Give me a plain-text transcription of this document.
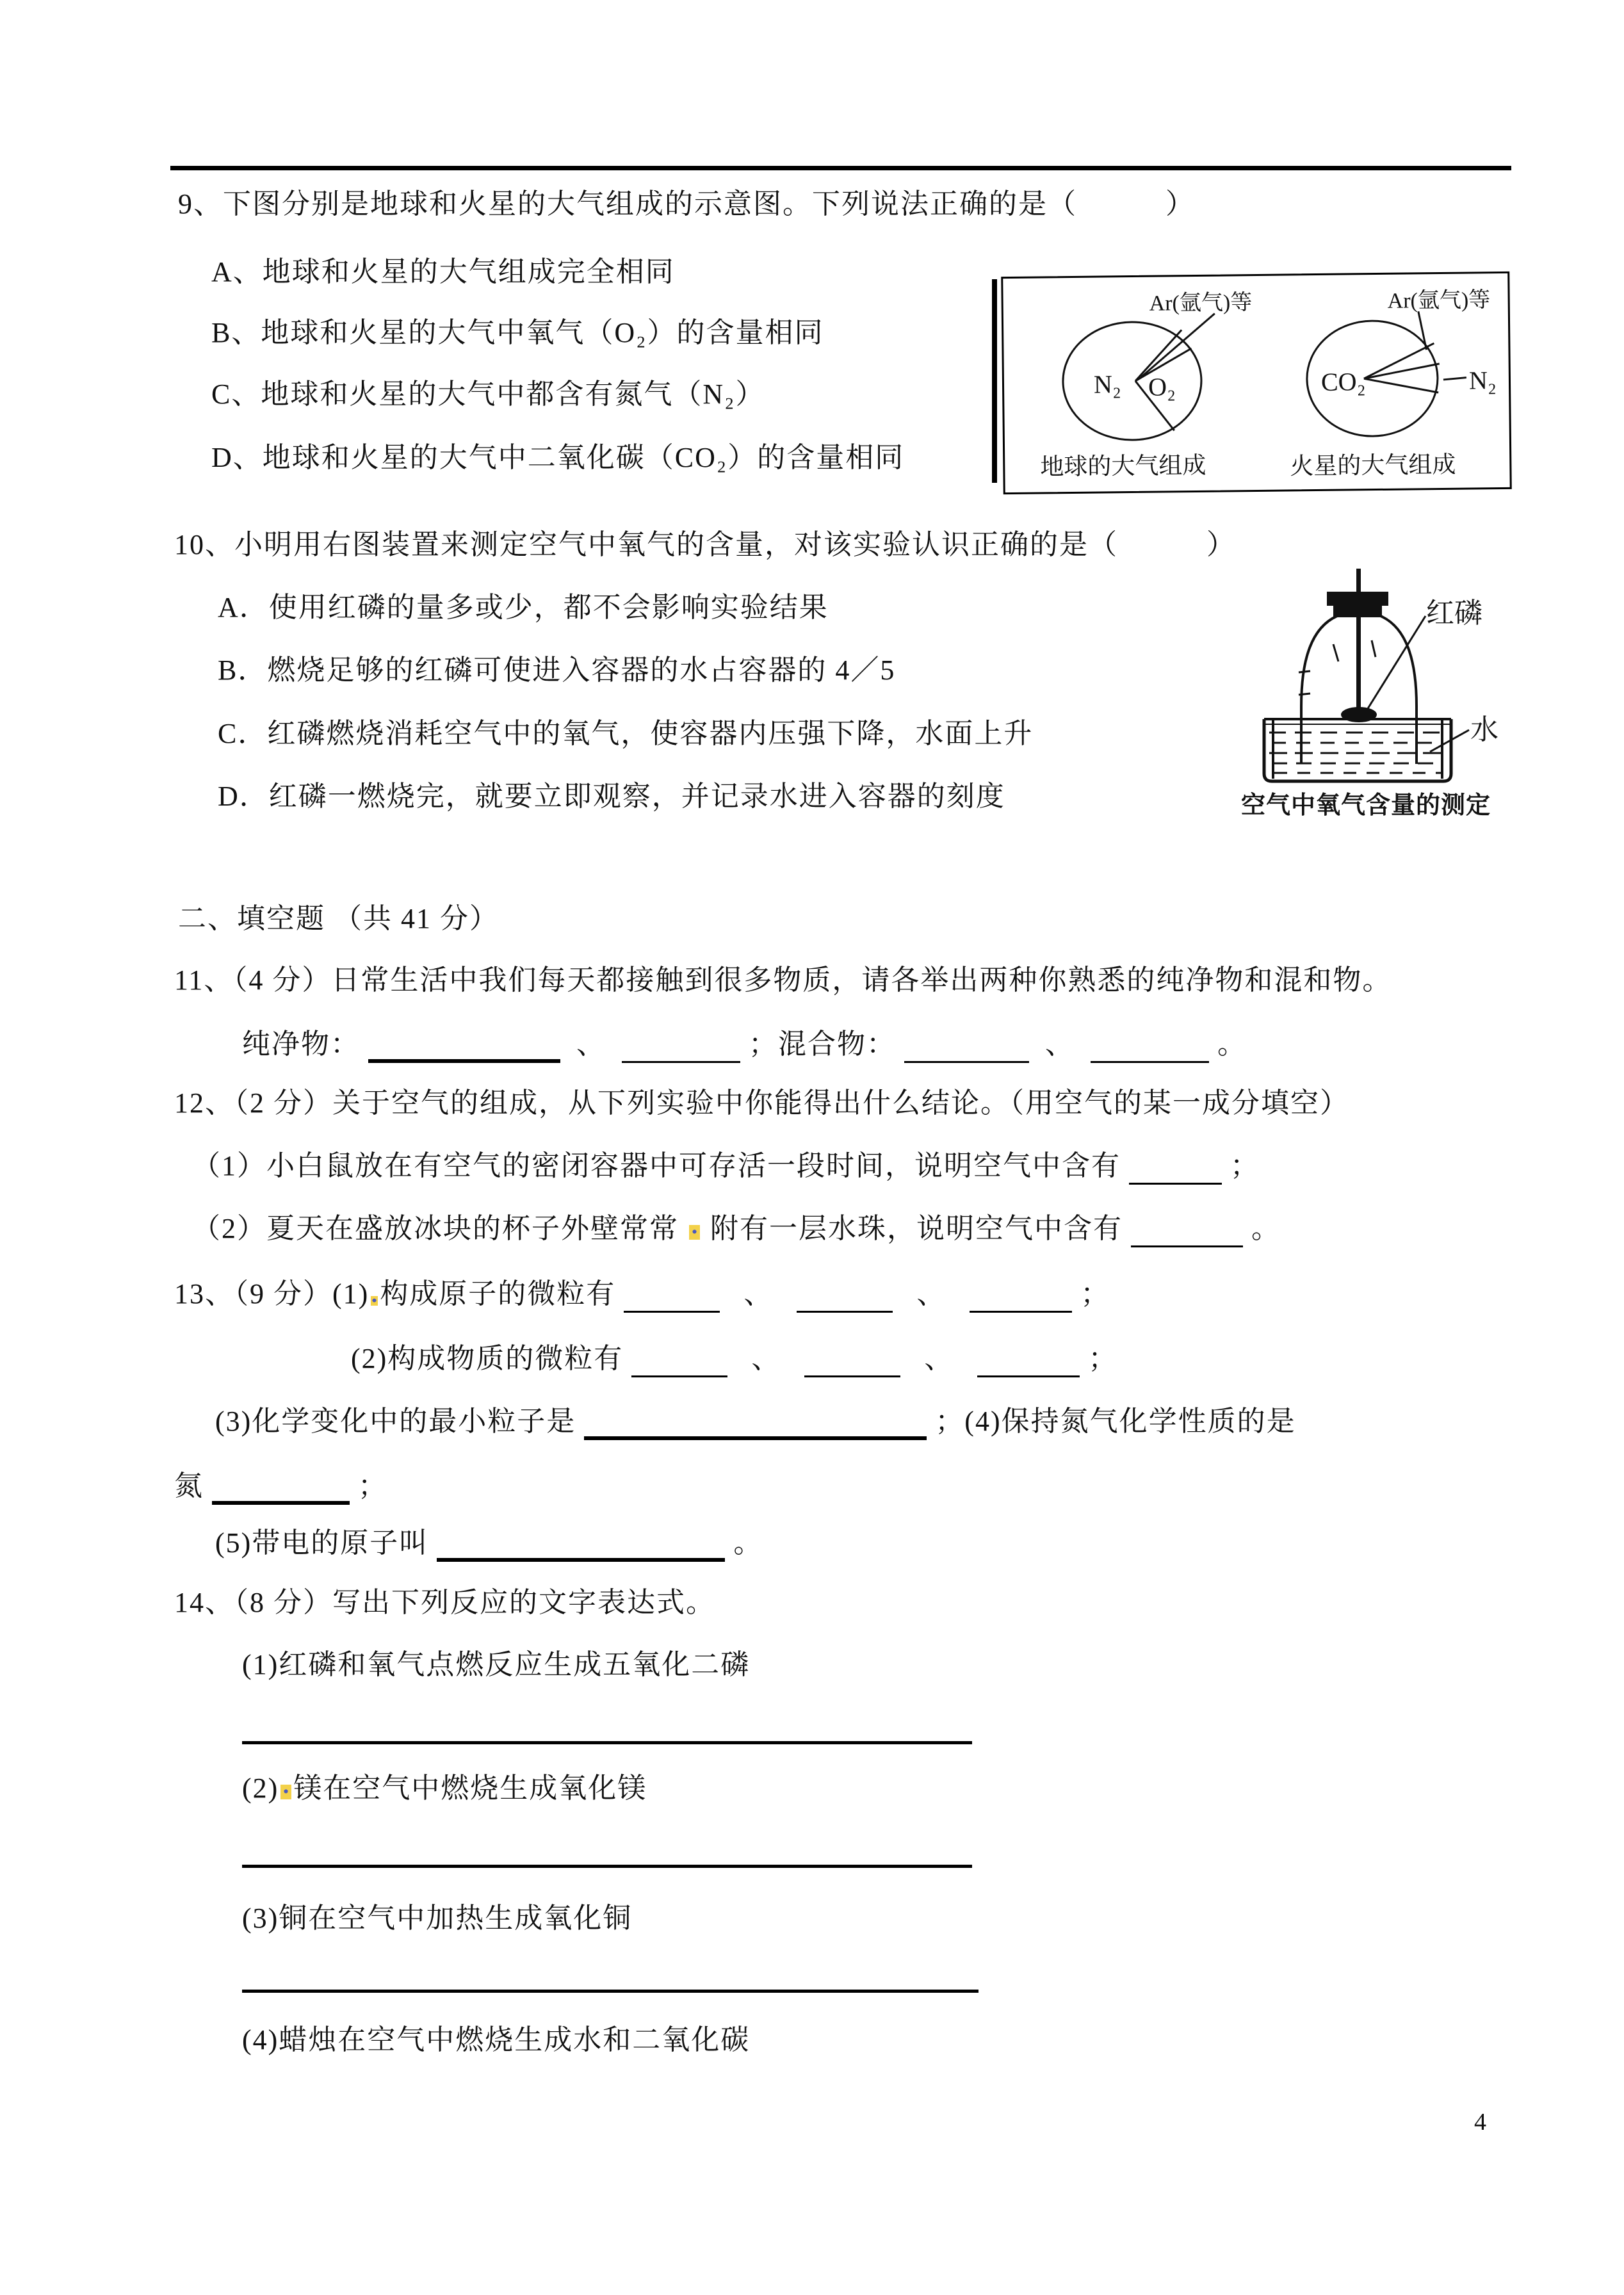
9、下图分别是地球和火星的大气组成的示意图。下列说法正确的是（　　　）
A、地球和火星的大气组成完全相同
B、地球和火星的大气中氧气（O₂）的含量相同
C、地球和火星的大气中都含有氮气（N₂）
D、地球和火星的大气中二氧化碳（CO₂）的含量相同
N₂ O₂
Ar(氩气)等
地球的大气组成
CO₂
Ar(氩气)等
N₂
火星的大气组成
10、小明用右图装置来测定空气中氧气的含量，对该实验认识正确的是（　　　）
A．使用红磷的量多或少，都不会影响实验结果
B．燃烧足够的红磷可使进入容器的水占容器的 4／5
C．红磷燃烧消耗空气中的氧气，使容器内压强下降，水面上升
D．红磷一燃烧完，就要立即观察，并记录水进入容器的刻度
红磷
水
空气中氧气含量的测定
二、填空题 （共 41 分）
11、（4 分）日常生活中我们每天都接触到很多物质，请各举出两种你熟悉的纯净物和混和物。
纯净物：	、	；混合物：	、	。
12、（2 分）关于空气的组成，从下列实验中你能得出什么结论。（用空气的某一成分填空）
（1）小白鼠放在有空气的密闭容器中可存活一段时间，说明空气中含有	；
（2）夏天在盛放冰块的杯子外壁常常 附有一层水珠，说明空气中含有	。
13、（9 分）(1) 构成原子的微粒有	、	、	；
(2)构成物质的微粒有	、	、	；
(3)化学变化中的最小粒子是	；(4)保持氮气化学性质的是
氮	；
(5)带电的原子叫	。
14、（8 分）写出下列反应的文字表达式。
(1)红磷和氧气点燃反应生成五氧化二磷
(2) 镁在空气中燃烧生成氧化镁
(3)铜在空气中加热生成氧化铜
(4)蜡烛在空气中燃烧生成水和二氧化碳
4
